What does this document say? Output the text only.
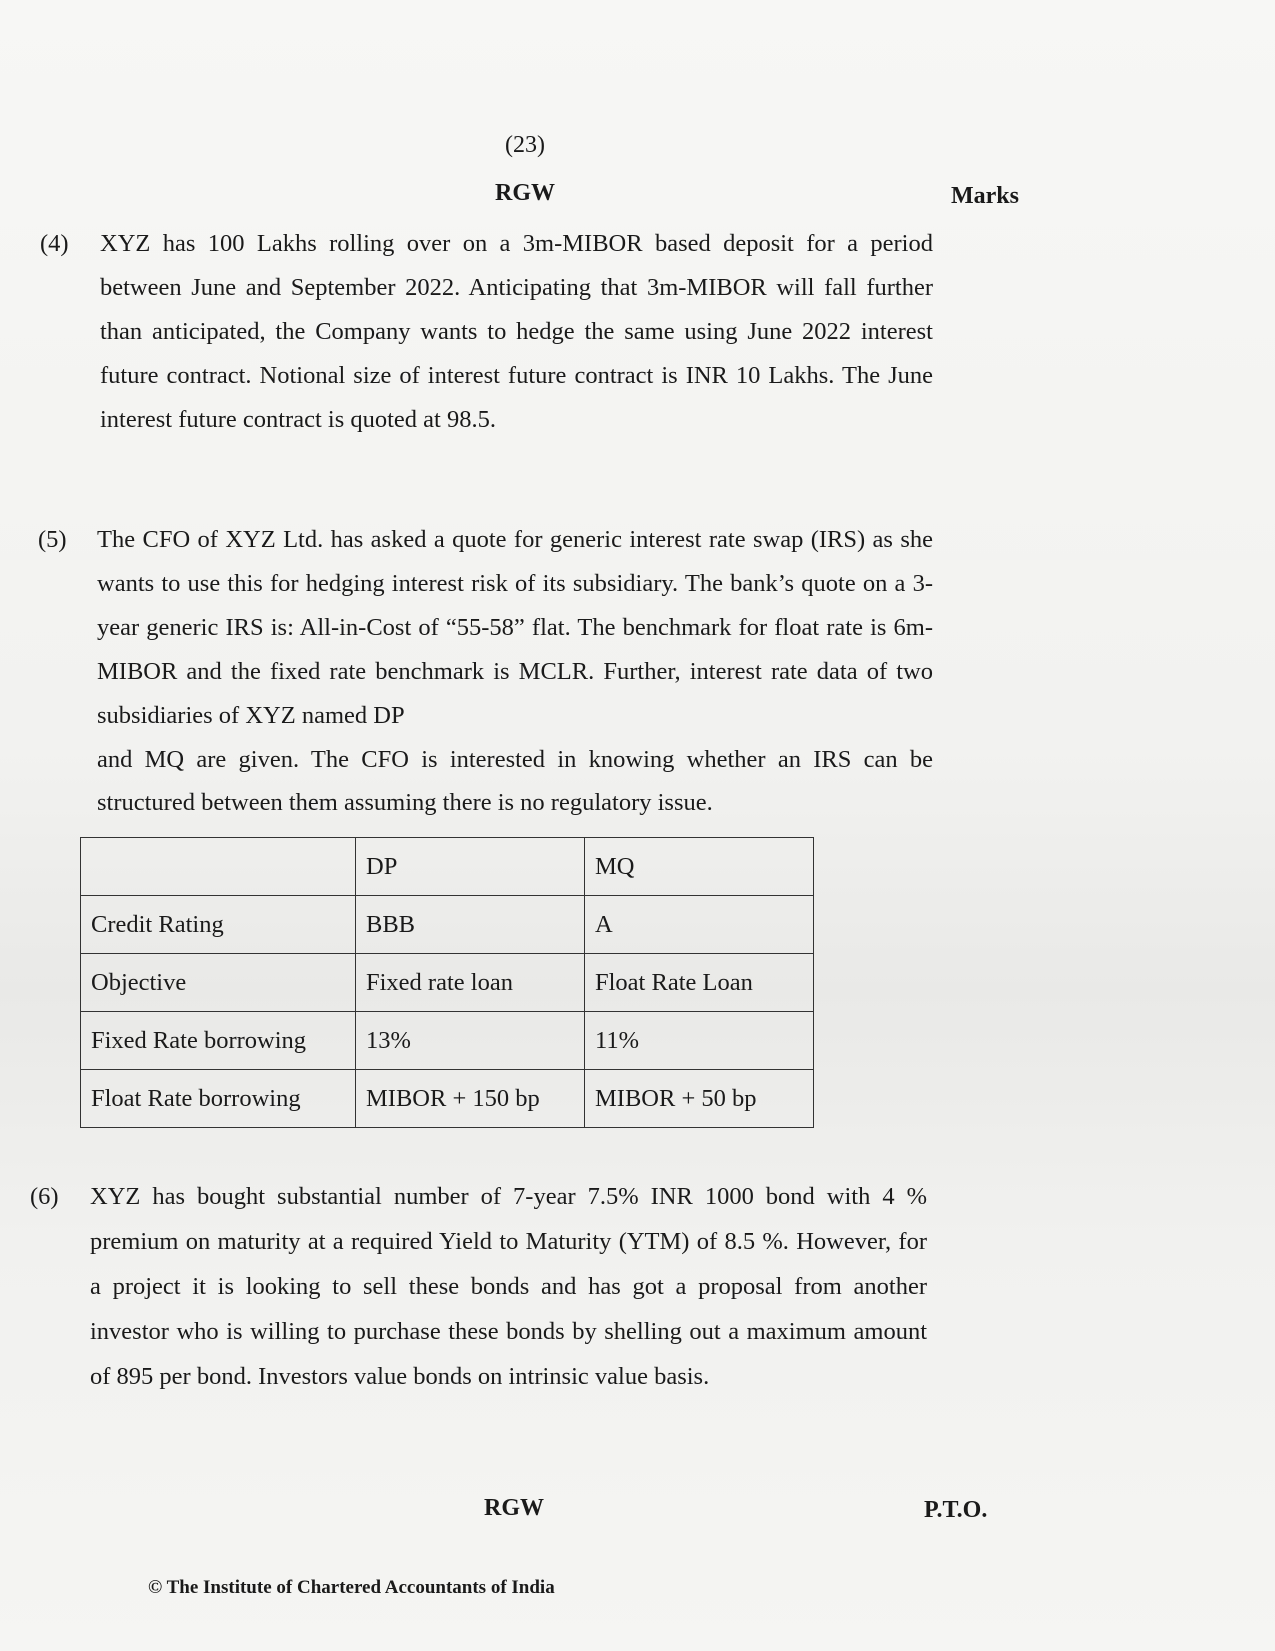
(23)
RGW	Marks
(4) XYZ has 100 Lakhs rolling over on a 3m-MIBOR based deposit for a period between June and September 2022. Anticipating that 3m-MIBOR will fall further than anticipated, the Company wants to hedge the same using June 2022 interest future contract. Notional size of interest future contract is INR 10 Lakhs. The June interest future contract is quoted at 98.5.
(5) The CFO of XYZ Ltd. has asked a quote for generic interest rate swap (IRS) as she wants to use this for hedging interest risk of its subsidiary. The bank’s quote on a 3-year generic IRS is: All-in-Cost of “55-58” flat. The benchmark for float rate is 6m-MIBOR and the fixed rate benchmark is MCLR. Further, interest rate data of two subsidiaries of XYZ named DP
and MQ are given. The CFO is interested in knowing whether an IRS can be structured between them assuming there is no regulatory issue.
	DP	MQ
Credit Rating	BBB	A
Objective	Fixed rate loan	Float Rate Loan
Fixed Rate borrowing	13%	11%
Float Rate borrowing	MIBOR + 150 bp	MIBOR + 50 bp
(6) XYZ has bought substantial number of 7-year 7.5% INR 1000 bond with 4 % premium on maturity at a required Yield to Maturity (YTM) of 8.5 %. However, for a project it is looking to sell these bonds and has got a proposal from another investor who is willing to purchase these bonds by shelling out a maximum amount of 895 per bond. Investors value bonds on intrinsic value basis.
RGW	P.T.O.
© The Institute of Chartered Accountants of India
